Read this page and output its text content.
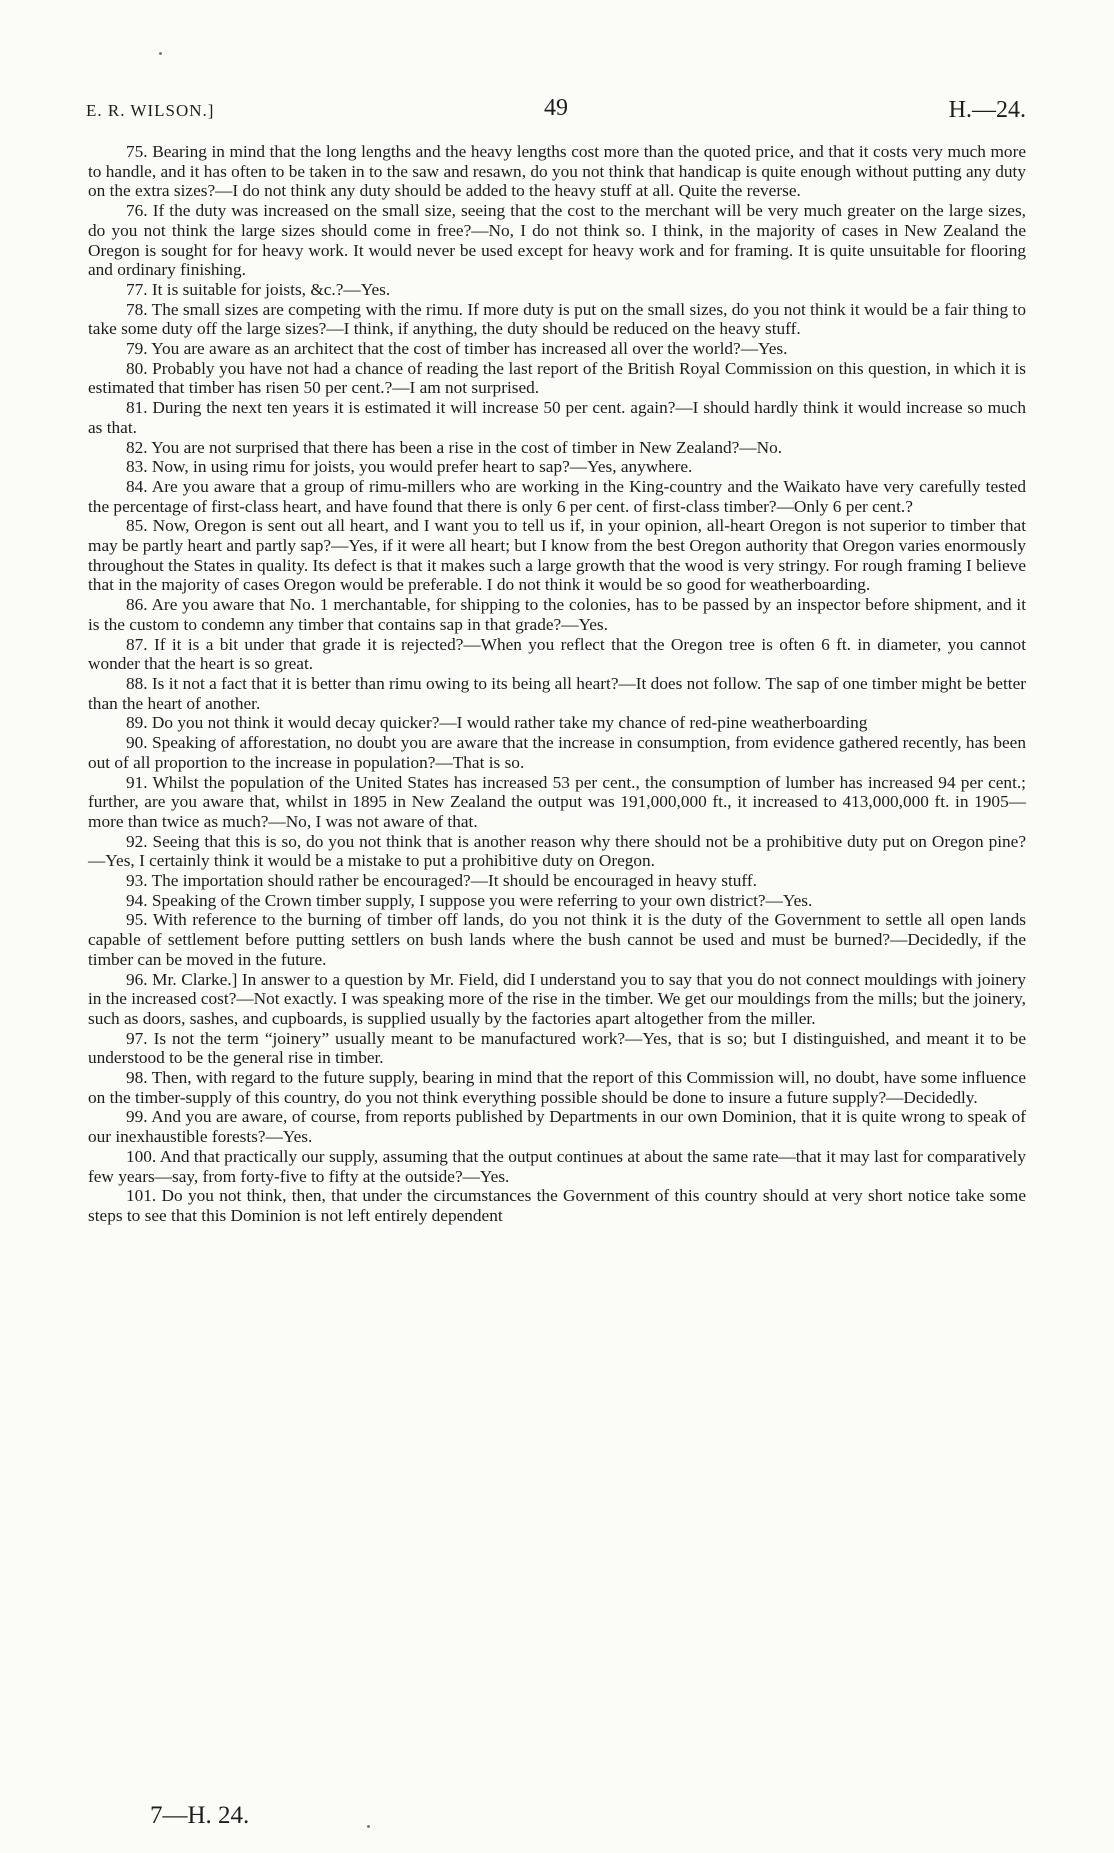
E. R. WILSON.]	49	H.—24.

75. Bearing in mind that the long lengths and the heavy lengths cost more than the quoted price, and that it costs very much more to handle, and it has often to be taken in to the saw and resawn, do you not think that handicap is quite enough without putting any duty on the extra sizes?—I do not think any duty should be added to the heavy stuff at all. Quite the reverse.

76. If the duty was increased on the small size, seeing that the cost to the merchant will be very much greater on the large sizes, do you not think the large sizes should come in free?—No, I do not think so. I think, in the majority of cases in New Zealand the Oregon is sought for for heavy work. It would never be used except for heavy work and for framing. It is quite unsuitable for flooring and ordinary finishing.

77. It is suitable for joists, &c.?—Yes.

78. The small sizes are competing with the rimu. If more duty is put on the small sizes, do you not think it would be a fair thing to take some duty off the large sizes?—I think, if anything, the duty should be reduced on the heavy stuff.

79. You are aware as an architect that the cost of timber has increased all over the world?—Yes.

80. Probably you have not had a chance of reading the last report of the British Royal Commission on this question, in which it is estimated that timber has risen 50 per cent.?—I am not surprised.

81. During the next ten years it is estimated it will increase 50 per cent. again?—I should hardly think it would increase so much as that.

82. You are not surprised that there has been a rise in the cost of timber in New Zealand?—No.

83. Now, in using rimu for joists, you would prefer heart to sap?—Yes, anywhere.

84. Are you aware that a group of rimu-millers who are working in the King-country and the Waikato have very carefully tested the percentage of first-class heart, and have found that there is only 6 per cent. of first-class timber?—Only 6 per cent.?

85. Now, Oregon is sent out all heart, and I want you to tell us if, in your opinion, all-heart Oregon is not superior to timber that may be partly heart and partly sap?—Yes, if it were all heart; but I know from the best Oregon authority that Oregon varies enormously throughout the States in quality. Its defect is that it makes such a large growth that the wood is very stringy. For rough framing I believe that in the majority of cases Oregon would be preferable. I do not think it would be so good for weatherboarding.

86. Are you aware that No. 1 merchantable, for shipping to the colonies, has to be passed by an inspector before shipment, and it is the custom to condemn any timber that contains sap in that grade?—Yes.

87. If it is a bit under that grade it is rejected?—When you reflect that the Oregon tree is often 6 ft. in diameter, you cannot wonder that the heart is so great.

88. Is it not a fact that it is better than rimu owing to its being all heart?—It does not follow. The sap of one timber might be better than the heart of another.

89. Do you not think it would decay quicker?—I would rather take my chance of red-pine weatherboarding

90. Speaking of afforestation, no doubt you are aware that the increase in consumption, from evidence gathered recently, has been out of all proportion to the increase in population?—That is so.

91. Whilst the population of the United States has increased 53 per cent., the consumption of lumber has increased 94 per cent.; further, are you aware that, whilst in 1895 in New Zealand the output was 191,000,000 ft., it increased to 413,000,000 ft. in 1905—more than twice as much?—No, I was not aware of that.

92. Seeing that this is so, do you not think that is another reason why there should not be a prohibitive duty put on Oregon pine?—Yes, I certainly think it would be a mistake to put a prohibitive duty on Oregon.

93. The importation should rather be encouraged?—It should be encouraged in heavy stuff.

94. Speaking of the Crown timber supply, I suppose you were referring to your own district?—Yes.

95. With reference to the burning of timber off lands, do you not think it is the duty of the Government to settle all open lands capable of settlement before putting settlers on bush lands where the bush cannot be used and must be burned?—Decidedly, if the timber can be moved in the future.

96. Mr. Clarke.] In answer to a question by Mr. Field, did I understand you to say that you do not connect mouldings with joinery in the increased cost?—Not exactly. I was speaking more of the rise in the timber. We get our mouldings from the mills; but the joinery, such as doors, sashes, and cupboards, is supplied usually by the factories apart altogether from the miller.

97. Is not the term “joinery” usually meant to be manufactured work?—Yes, that is so; but I distinguished, and meant it to be understood to be the general rise in timber.

98. Then, with regard to the future supply, bearing in mind that the report of this Commission will, no doubt, have some influence on the timber-supply of this country, do you not think everything possible should be done to insure a future supply?—Decidedly.

99. And you are aware, of course, from reports published by Departments in our own Dominion, that it is quite wrong to speak of our inexhaustible forests?—Yes.

100. And that practically our supply, assuming that the output continues at about the same rate—that it may last for comparatively few years—say, from forty-five to fifty at the outside?—Yes.

101. Do you not think, then, that under the circumstances the Government of this country should at very short notice take some steps to see that this Dominion is not left entirely dependent

7—H. 24.
